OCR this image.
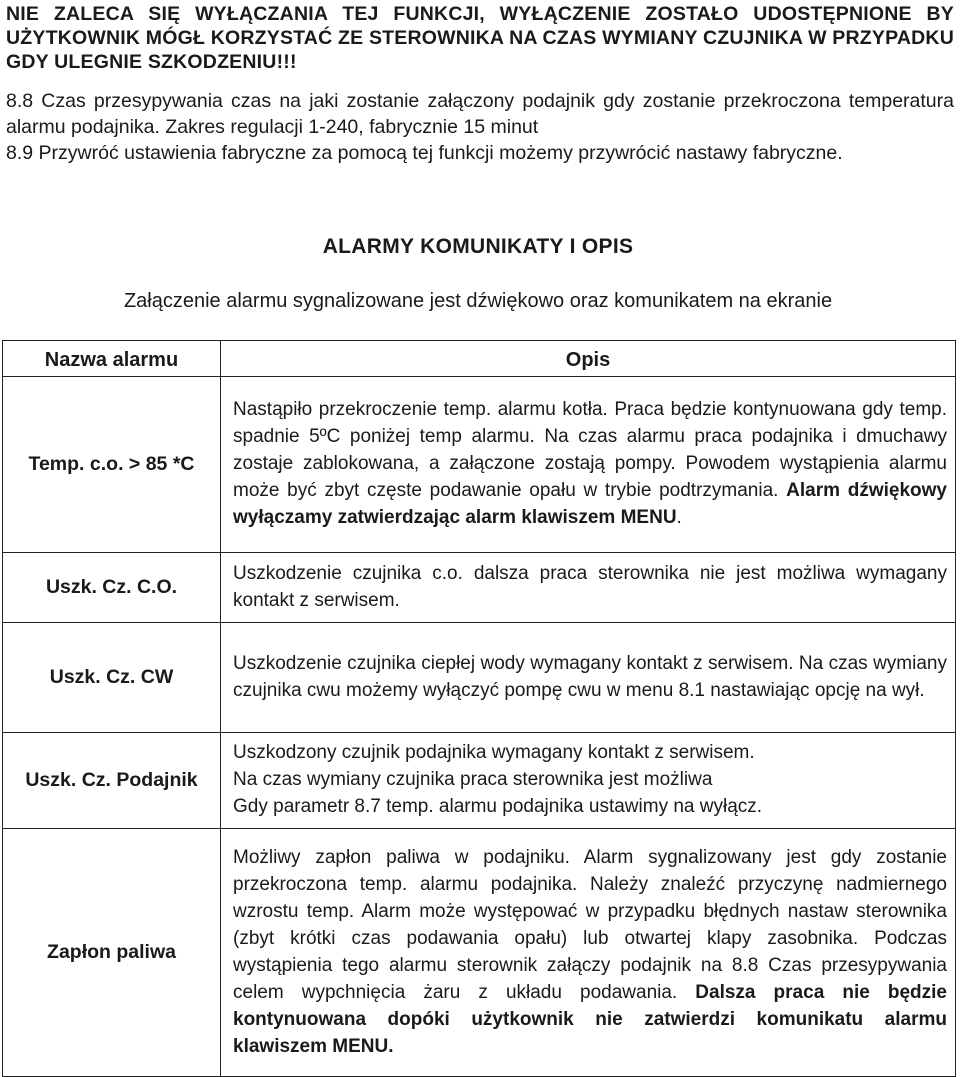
NIE ZALECA SIĘ WYŁĄCZANIA TEJ FUNKCJI, WYŁĄCZENIE ZOSTAŁO UDOSTĘPNIONE BY UŻYTKOWNIK MÓGŁ KORZYSTAĆ ZE STEROWNIKA NA CZAS WYMIANY CZUJNIKA W PRZYPADKU GDY ULEGNIE SZKODZENIU!!!
8.8 Czas przesypywania czas na jaki zostanie załączony podajnik gdy zostanie przekroczona temperatura alarmu podajnika. Zakres regulacji 1-240, fabrycznie 15 minut
8.9 Przywróć ustawienia fabryczne za pomocą tej funkcji możemy przywrócić nastawy fabryczne.
ALARMY KOMUNIKATY I OPIS
Załączenie alarmu sygnalizowane jest dźwiękowo oraz komunikatem na ekranie
Nazwa alarmu	Opis
Temp. c.o. > 85 *C	Nastąpiło przekroczenie temp. alarmu kotła. Praca będzie kontynuowana gdy temp. spadnie 5ºC poniżej temp alarmu. Na czas alarmu praca podajnika i dmuchawy zostaje zablokowana, a załączone zostają pompy. Powodem wystąpienia alarmu może być zbyt częste podawanie opału w trybie podtrzymania. Alarm dźwiękowy wyłączamy zatwierdzając alarm klawiszem MENU.
Uszk. Cz. C.O.	Uszkodzenie czujnika c.o. dalsza praca sterownika nie jest możliwa wymagany kontakt z serwisem.
Uszk. Cz. CW	Uszkodzenie czujnika ciepłej wody wymagany kontakt z serwisem. Na czas wymiany czujnika cwu możemy wyłączyć pompę cwu w menu 8.1 nastawiając opcję na wył.
Uszk. Cz. Podajnik	Uszkodzony czujnik podajnika wymagany kontakt z serwisem.
Na czas wymiany czujnika praca sterownika jest możliwa
Gdy parametr 8.7 temp. alarmu podajnika ustawimy na wyłącz.

Zapłon paliwa	Możliwy zapłon paliwa w podajniku. Alarm sygnalizowany jest gdy zostanie przekroczona temp. alarmu podajnika. Należy znaleźć przyczynę nadmiernego wzrostu temp. Alarm może występować w przypadku błędnych nastaw sterownika (zbyt krótki czas podawania opału) lub otwartej klapy zasobnika. Podczas wystąpienia tego alarmu sterownik załączy podajnik na 8.8 Czas przesypywania celem wypchnięcia żaru z układu podawania. Dalsza praca nie będzie kontynuowana dopóki użytkownik nie zatwierdzi komunikatu alarmu klawiszem MENU.
